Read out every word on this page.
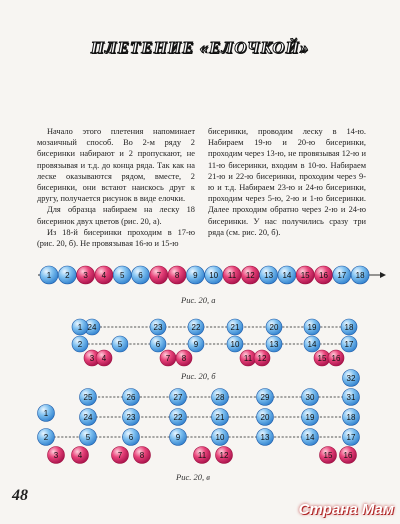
ПЛЕТЕНИЕ «ЕЛОЧКОЙ»

Начало этого плетения напоминает мозаичный способ. Во 2-м ряду 2 бисеринки набирают и 2 пропускают, не провязывая и т.д. до конца ряда. Так как на леске оказываются рядом, вместе, 2 бисеринки, они встают наискось друг к другу, получается рисунок в виде елочки.

Для образца набираем на леску 18 бисеринок двух цветов (рис. 20, а).

Из 18-й бисеринки проходим в 17-ю (рис. 20, б). Не провязывая 16-ю и 15-ю

бисеринки, проводим леску в 14-ю. Набираем 19-ю и 20-ю бисеринки, проходим через 13-ю, не провязывая 12-ю и 11-ю бисеринки, входим в 10-ю. Набираем 21-ю и 22-ю бисеринки, проходим через 9-ю и т.д. Набираем 23-ю и 24-ю бисеринки, проходим через 5-ю, 2-ю и 1-ю бисеринки. Далее проходим обратно через 2-ю и 24-ю бисеринки. У нас получились сразу три ряда (см. рис. 20, б).

1 2 3 4 5 6 7 8 9 10 11 12 13 14 15 16 17 18
24	23	22	21	20	19	18
1
2	5	6	9	10	13	14	17
3 4	7 8	11 12	15 16
25	26	27	28	29	30	31
24	23	22	21	20	19	18
2	5	6	9	10	13	14	17
3 4	7 8	11 12	15 16
1
32
Рис. 20, а
Рис. 20, б
Рис. 20, в
48
Страна Мам
